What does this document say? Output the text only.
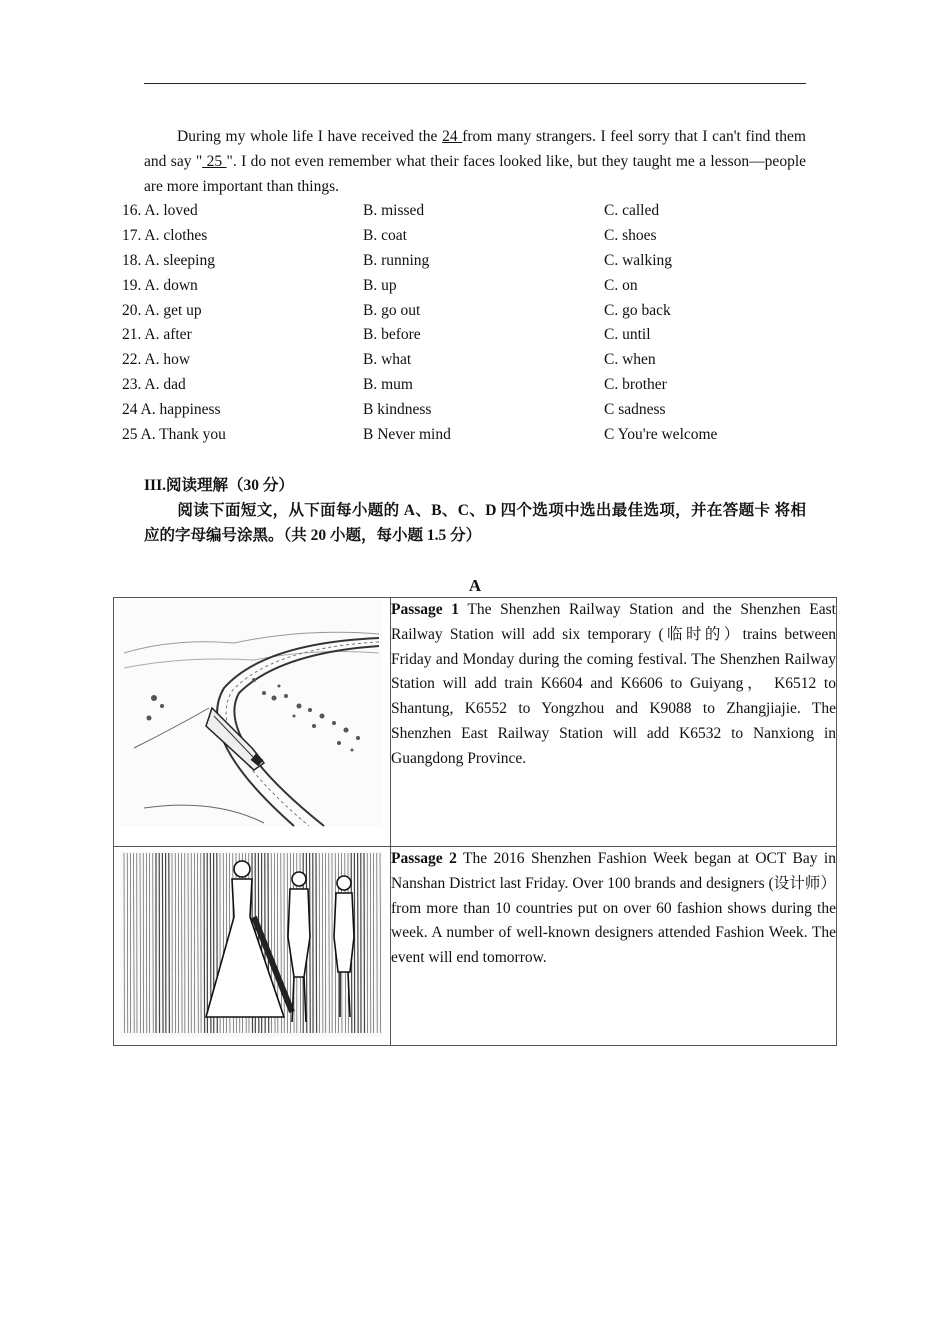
During my whole life I have received the 24 from many strangers. I feel sorry that I can't find them and say " 25 ". I do not even remember what their faces looked like, but they taught me a lesson—people are more important than things.
16. A. loved	B. missed	C. called
17. A. clothes	B. coat	C. shoes
18. A. sleeping	B. running	C. walking
19. A. down	B. up	C. on
20. A. get up	B. go out	C. go back
21. A. after	B. before	C. until
22. A. how	B. what	C. when
23. A. dad	B. mum	C. brother
24 A. happiness	B kindness	C sadness
25 A. Thank you	B Never mind	C You're welcome
III.阅读理解（30 分）
阅读下面短文，从下面每小题的 A、B、C、D 四个选项中选出最佳选项，并在答题卡 将相应的字母编号涂黑。（共 20 小题，每小题 1.5 分）
A
	Passage 1 The Shenzhen Railway Station and the Shenzhen East Railway Station will add six temporary (临时的）trains between Friday and Monday during the coming festival. The Shenzhen Railway Station will add train K6604 and K6606 to Guiyang， K6512 to Shantung, K6552 to Yongzhou and K9088 to Zhangjiajie. The Shenzhen East Railway Station will add K6532 to Nanxiong in Guangdong Province.

	Passage 2 The 2016 Shenzhen Fashion Week began at OCT Bay in Nanshan District last Friday. Over 100 brands and designers (设计师）from more than 10 countries put on over 60 fashion shows during the week. A number of well-known designers attended Fashion Week. The event will end tomorrow.
